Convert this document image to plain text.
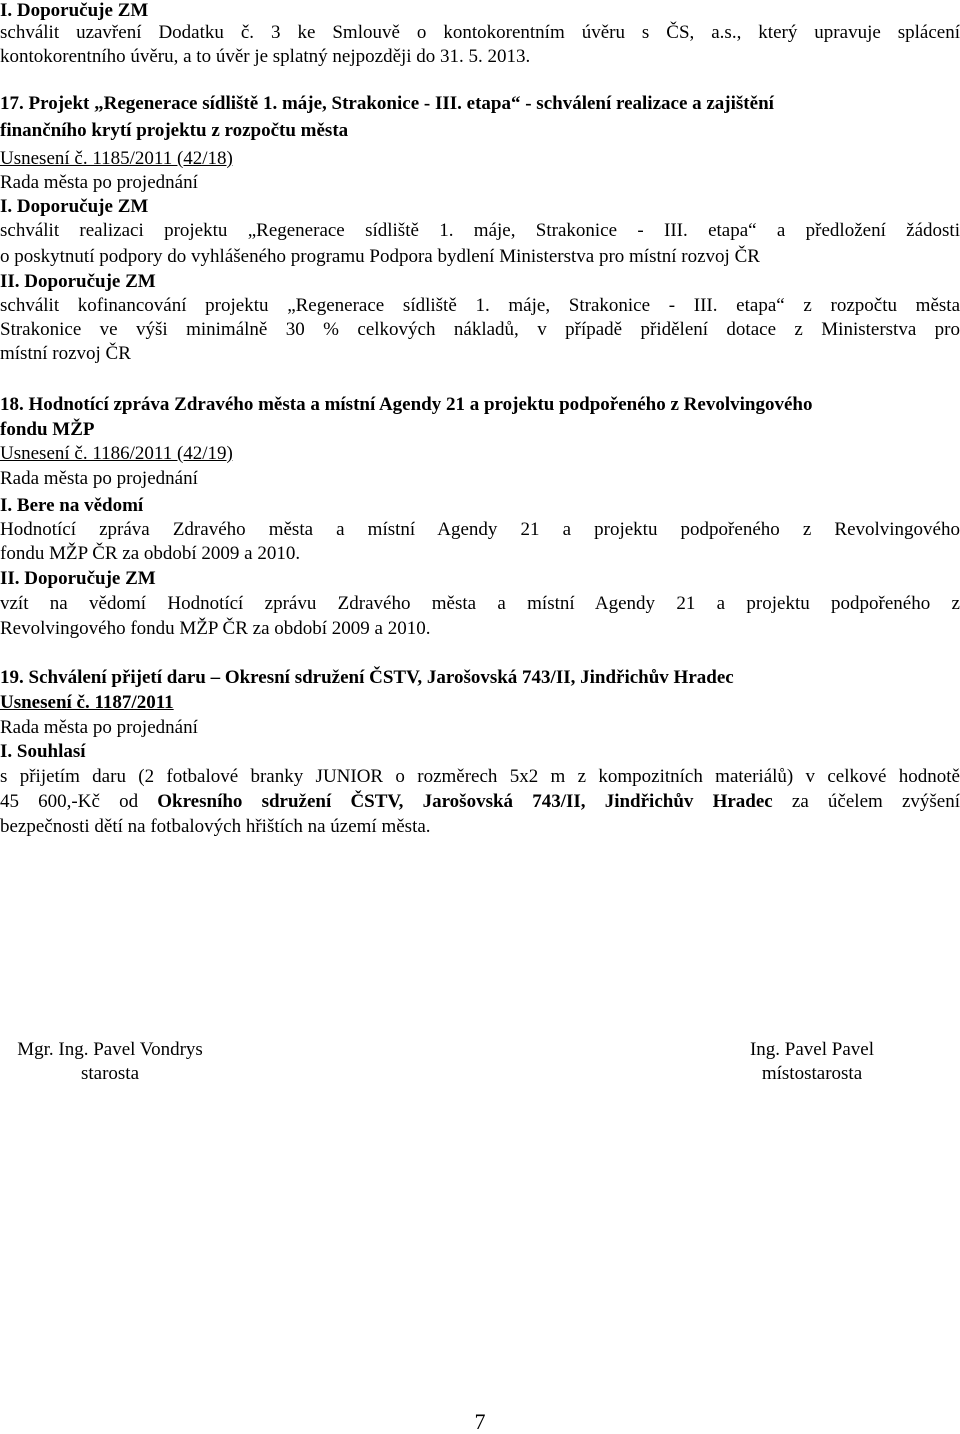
I. Doporučuje ZM
schválit uzavření Dodatku č. 3 ke Smlouvě o kontokorentním úvěru s ČS, a.s., který upravuje splácení
kontokorentního úvěru, a to úvěr je splatný nejpozději do 31. 5. 2013.
17. Projekt „Regenerace sídliště 1. máje, Strakonice - III. etapa“ - schválení realizace a zajištění
finančního krytí projektu z rozpočtu města
Usnesení č. 1185/2011 (42/18)
Rada města po projednání
I. Doporučuje ZM
schválit realizaci projektu „Regenerace sídliště 1. máje, Strakonice - III. etapa“ a předložení žádosti
o poskytnutí podpory do vyhlášeného programu Podpora bydlení Ministerstva pro místní rozvoj ČR
II. Doporučuje ZM
schválit kofinancování projektu „Regenerace sídliště 1. máje, Strakonice - III. etapa“ z rozpočtu města
Strakonice ve výši minimálně 30 % celkových nákladů, v případě přidělení dotace z Ministerstva pro
místní rozvoj ČR
18. Hodnotící zpráva Zdravého města a místní Agendy 21 a projektu podpořeného z Revolvingového
fondu MŽP
Usnesení č. 1186/2011 (42/19)
Rada města po projednání
I. Bere na vědomí
Hodnotící zpráva Zdravého města a místní Agendy 21 a projektu podpořeného z Revolvingového
fondu MŽP ČR za období 2009 a 2010.
II. Doporučuje ZM
vzít na vědomí Hodnotící zprávu Zdravého města a místní Agendy 21 a projektu podpořeného z
Revolvingového fondu MŽP ČR za období 2009 a 2010.
19. Schválení přijetí daru – Okresní sdružení ČSTV, Jarošovská 743/II, Jindřichův Hradec
Usnesení č. 1187/2011
Rada města po projednání
I. Souhlasí
s přijetím daru (2 fotbalové branky JUNIOR o rozměrech 5x2 m z kompozitních materiálů) v celkové hodnotě
45 600,-Kč od Okresního sdružení ČSTV, Jarošovská 743/II, Jindřichův Hradec za účelem zvýšení
bezpečnosti dětí na fotbalových hřištích na území města.
Mgr. Ing. Pavel Vondrys
starosta
Ing. Pavel Pavel
místostarosta
7
